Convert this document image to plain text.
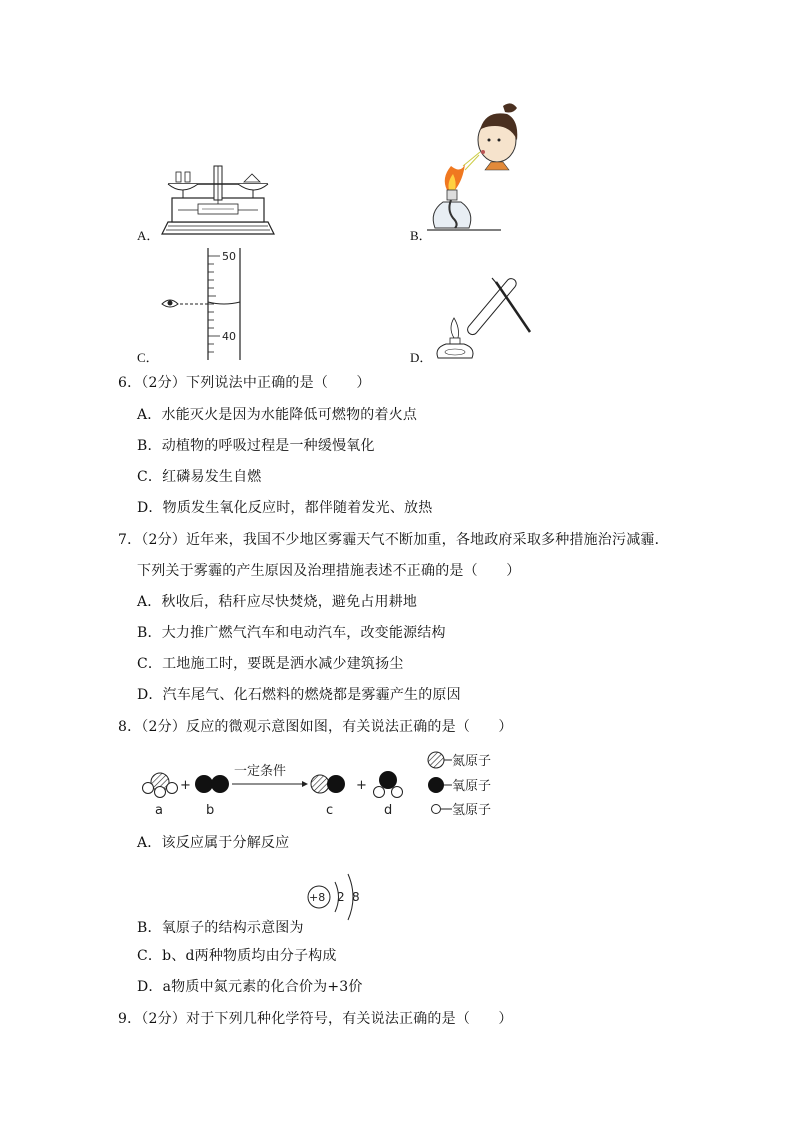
A．	B．
C．	D．
50
40
6．（2分）下列说法中正确的是（　　）
A．水能灭火是因为水能降低可燃物的着火点
B．动植物的呼吸过程是一种缓慢氧化
C．红磷易发生自燃
D．物质发生氧化反应时，都伴随着发光、放热
7．（2分）近年来，我国不少地区雾霾天气不断加重，各地政府采取多种措施治污减霾．
下列关于雾霾的产生原因及治理措施表述不正确的是（　　）
A．秋收后，秸秆应尽快焚烧，避免占用耕地
B．大力推广燃气汽车和电动汽车，改变能源结构
C．工地施工时，要既是洒水减少建筑扬尘
D．汽车尾气、化石燃料的燃烧都是雾霾产生的原因
8．（2分）反应的微观示意图如图，有关说法正确的是（　　）
a
+
b
一定条件
c
+
d
氮原子
氧原子
氢原子
A．该反应属于分解反应
+8 2 8
B．氧原子的结构示意图为
C．b、d两种物质均由分子构成
D．a物质中氮元素的化合价为+3价
9．（2分）对于下列几种化学符号，有关说法正确的是（　　）
